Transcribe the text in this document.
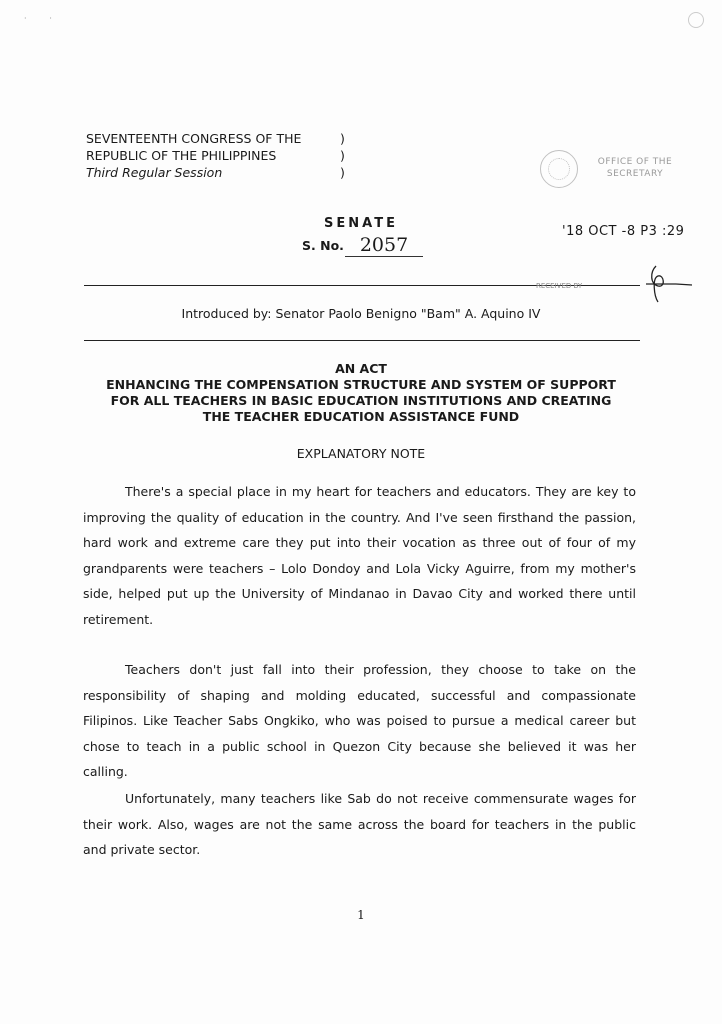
·         ·
SEVENTEENTH CONGRESS OF THE
REPUBLIC OF THE PHILIPPINES
Third Regular Session
)
)
)
OFFICE OF THE SECRETARY
SENATE
S. No. 2057
'18 OCT -8 P3 :29
RECEIVED BY
Introduced by: Senator Paolo Benigno "Bam" A. Aquino IV
AN ACT
ENHANCING THE COMPENSATION STRUCTURE AND SYSTEM OF SUPPORT
FOR ALL TEACHERS IN BASIC EDUCATION INSTITUTIONS AND CREATING
THE TEACHER EDUCATION ASSISTANCE FUND
EXPLANATORY NOTE

There's a special place in my heart for teachers and educators. They are key to improving the quality of education in the country. And I've seen firsthand the passion, hard work and extreme care they put into their vocation as three out of four of my grandparents were teachers – Lolo Dondoy and Lola Vicky Aguirre, from my mother's side, helped put up the University of Mindanao in Davao City and worked there until retirement.

Teachers don't just fall into their profession, they choose to take on the responsibility of shaping and molding educated, successful and compassionate Filipinos. Like Teacher Sabs Ongkiko, who was poised to pursue a medical career but chose to teach in a public school in Quezon City because she believed it was her calling.

Unfortunately, many teachers like Sab do not receive commensurate wages for their work. Also, wages are not the same across the board for teachers in the public and private sector.

1
